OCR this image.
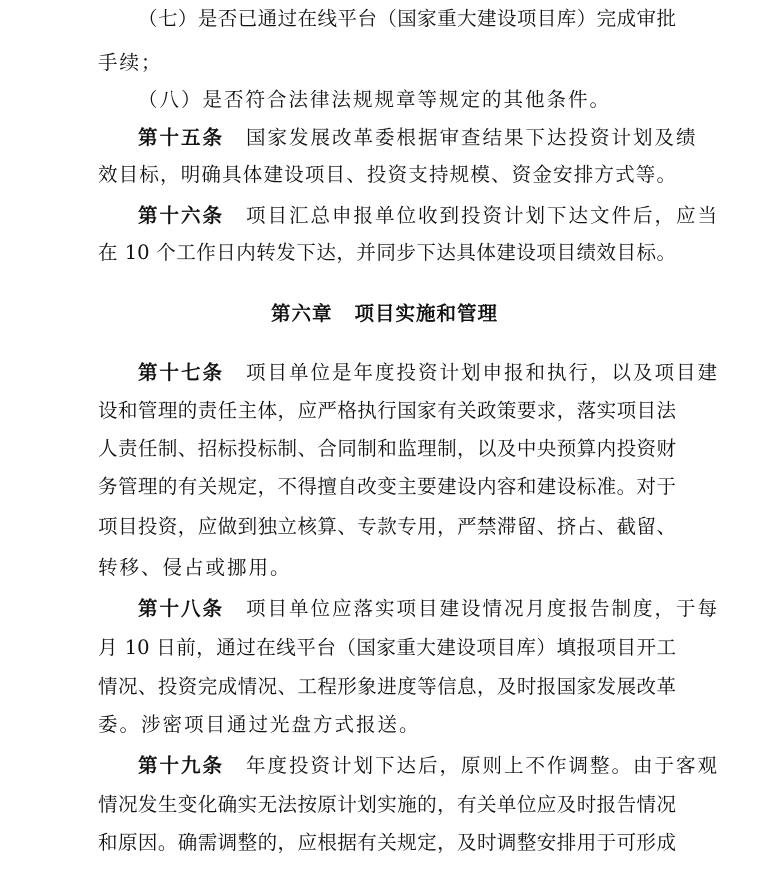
（七）是否已通过在线平台（国家重大建设项目库）完成审批
手续；
（八）是否符合法律法规规章等规定的其他条件。
第十五条 国家发展改革委根据审查结果下达投资计划及绩
效目标，明确具体建设项目、投资支持规模、资金安排方式等。
第十六条 项目汇总申报单位收到投资计划下达文件后，应当
在 10 个工作日内转发下达，并同步下达具体建设项目绩效目标。
第六章 项目实施和管理
第十七条 项目单位是年度投资计划申报和执行，以及项目建
设和管理的责任主体，应严格执行国家有关政策要求，落实项目法
人责任制、招标投标制、合同制和监理制，以及中央预算内投资财
务管理的有关规定，不得擅自改变主要建设内容和建设标准。对于
项目投资，应做到独立核算、专款专用，严禁滞留、挤占、截留、
转移、侵占或挪用。
第十八条 项目单位应落实项目建设情况月度报告制度，于每
月 10 日前，通过在线平台（国家重大建设项目库）填报项目开工
情况、投资完成情况、工程形象进度等信息，及时报国家发展改革
委。涉密项目通过光盘方式报送。
第十九条 年度投资计划下达后，原则上不作调整。由于客观
情况发生变化确实无法按原计划实施的，有关单位应及时报告情况
和原因。确需调整的，应根据有关规定，及时调整安排用于可形成
